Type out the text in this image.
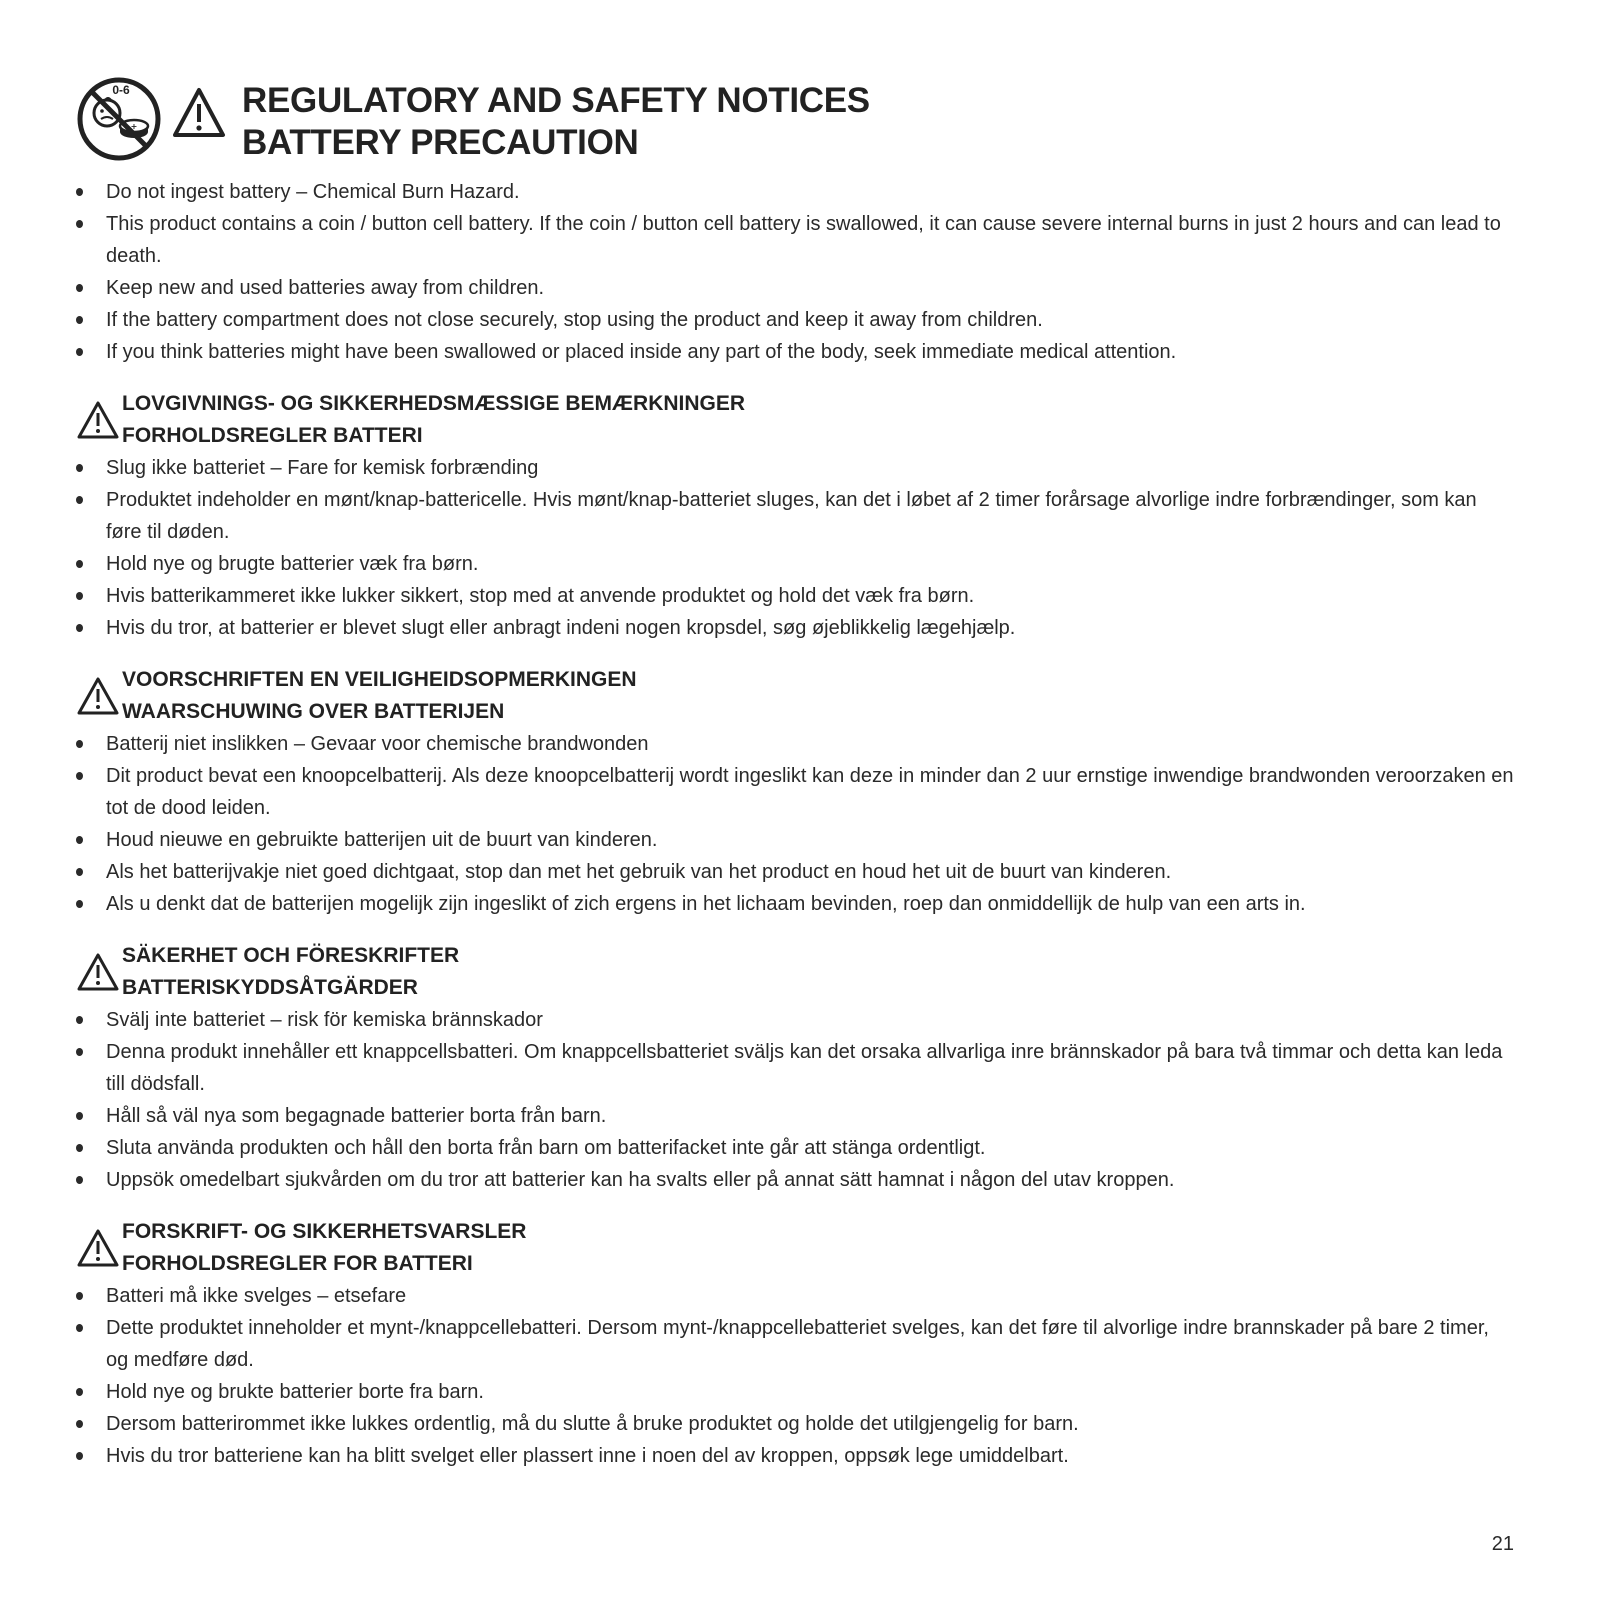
+
0-6	REGULATORY AND SAFETY NOTICES
BATTERY PRECAUTION
Do not ingest battery – Chemical Burn Hazard.
This product contains a coin / button cell battery. If the coin / button cell battery is swallowed, it can cause severe internal burns in just 2 hours and can lead to death.
Keep new and used batteries away from children.
If the battery compartment does not close securely, stop using the product and keep it away from children.
If you think batteries might have been swallowed or placed inside any part of the body, seek immediate medical attention.
LOVGIVNINGS- OG SIKKERHEDSMÆSSIGE BEMÆRKNINGER
FORHOLDSREGLER BATTERI
Slug ikke batteriet – Fare for kemisk forbrænding
Produktet indeholder en mønt/knap-battericelle. Hvis mønt/knap-batteriet sluges, kan det i løbet af 2 timer forårsage alvorlige indre forbrændinger, som kan føre til døden.
Hold nye og brugte batterier væk fra børn.
Hvis batterikammeret ikke lukker sikkert, stop med at anvende produktet og hold det væk fra børn.
Hvis du tror, at batterier er blevet slugt eller anbragt indeni nogen kropsdel, søg øjeblikkelig lægehjælp.
VOORSCHRIFTEN EN VEILIGHEIDSOPMERKINGEN
WAARSCHUWING OVER BATTERIJEN
Batterij niet inslikken – Gevaar voor chemische brandwonden
Dit product bevat een knoopcelbatterij. Als deze knoopcelbatterij wordt ingeslikt kan deze in minder dan 2 uur ernstige inwendige brandwonden veroorzaken en tot de dood leiden.
Houd nieuwe en gebruikte batterijen uit de buurt van kinderen.
Als het batterijvakje niet goed dichtgaat, stop dan met het gebruik van het product en houd het uit de buurt van kinderen.
Als u denkt dat de batterijen mogelijk zijn ingeslikt of zich ergens in het lichaam bevinden, roep dan onmiddellijk de hulp van een arts in.
SÄKERHET OCH FÖRESKRIFTER
BATTERISKYDDSÅTGÄRDER
Svälj inte batteriet – risk för kemiska brännskador
Denna produkt innehåller ett knappcellsbatteri. Om knappcellsbatteriet sväljs kan det orsaka allvarliga inre brännskador på bara två timmar och detta kan leda till dödsfall.
Håll så väl nya som begagnade batterier borta från barn.
Sluta använda produkten och håll den borta från barn om batterifacket inte går att stänga ordentligt.
Uppsök omedelbart sjukvården om du tror att batterier kan ha svalts eller på annat sätt hamnat i någon del utav kroppen.
FORSKRIFT- OG SIKKERHETSVARSLER
FORHOLDSREGLER FOR BATTERI
Batteri må ikke svelges – etsefare
Dette produktet inneholder et mynt-/knappcellebatteri. Dersom mynt-/knappcellebatteriet svelges, kan det føre til alvorlige indre brannskader på bare 2 timer, og medføre død.
Hold nye og brukte batterier borte fra barn.
Dersom batterirommet ikke lukkes ordentlig, må du slutte å bruke produktet og holde det utilgjengelig for barn.
Hvis du tror batteriene kan ha blitt svelget eller plassert inne i noen del av kroppen, oppsøk lege umiddelbart.
21
